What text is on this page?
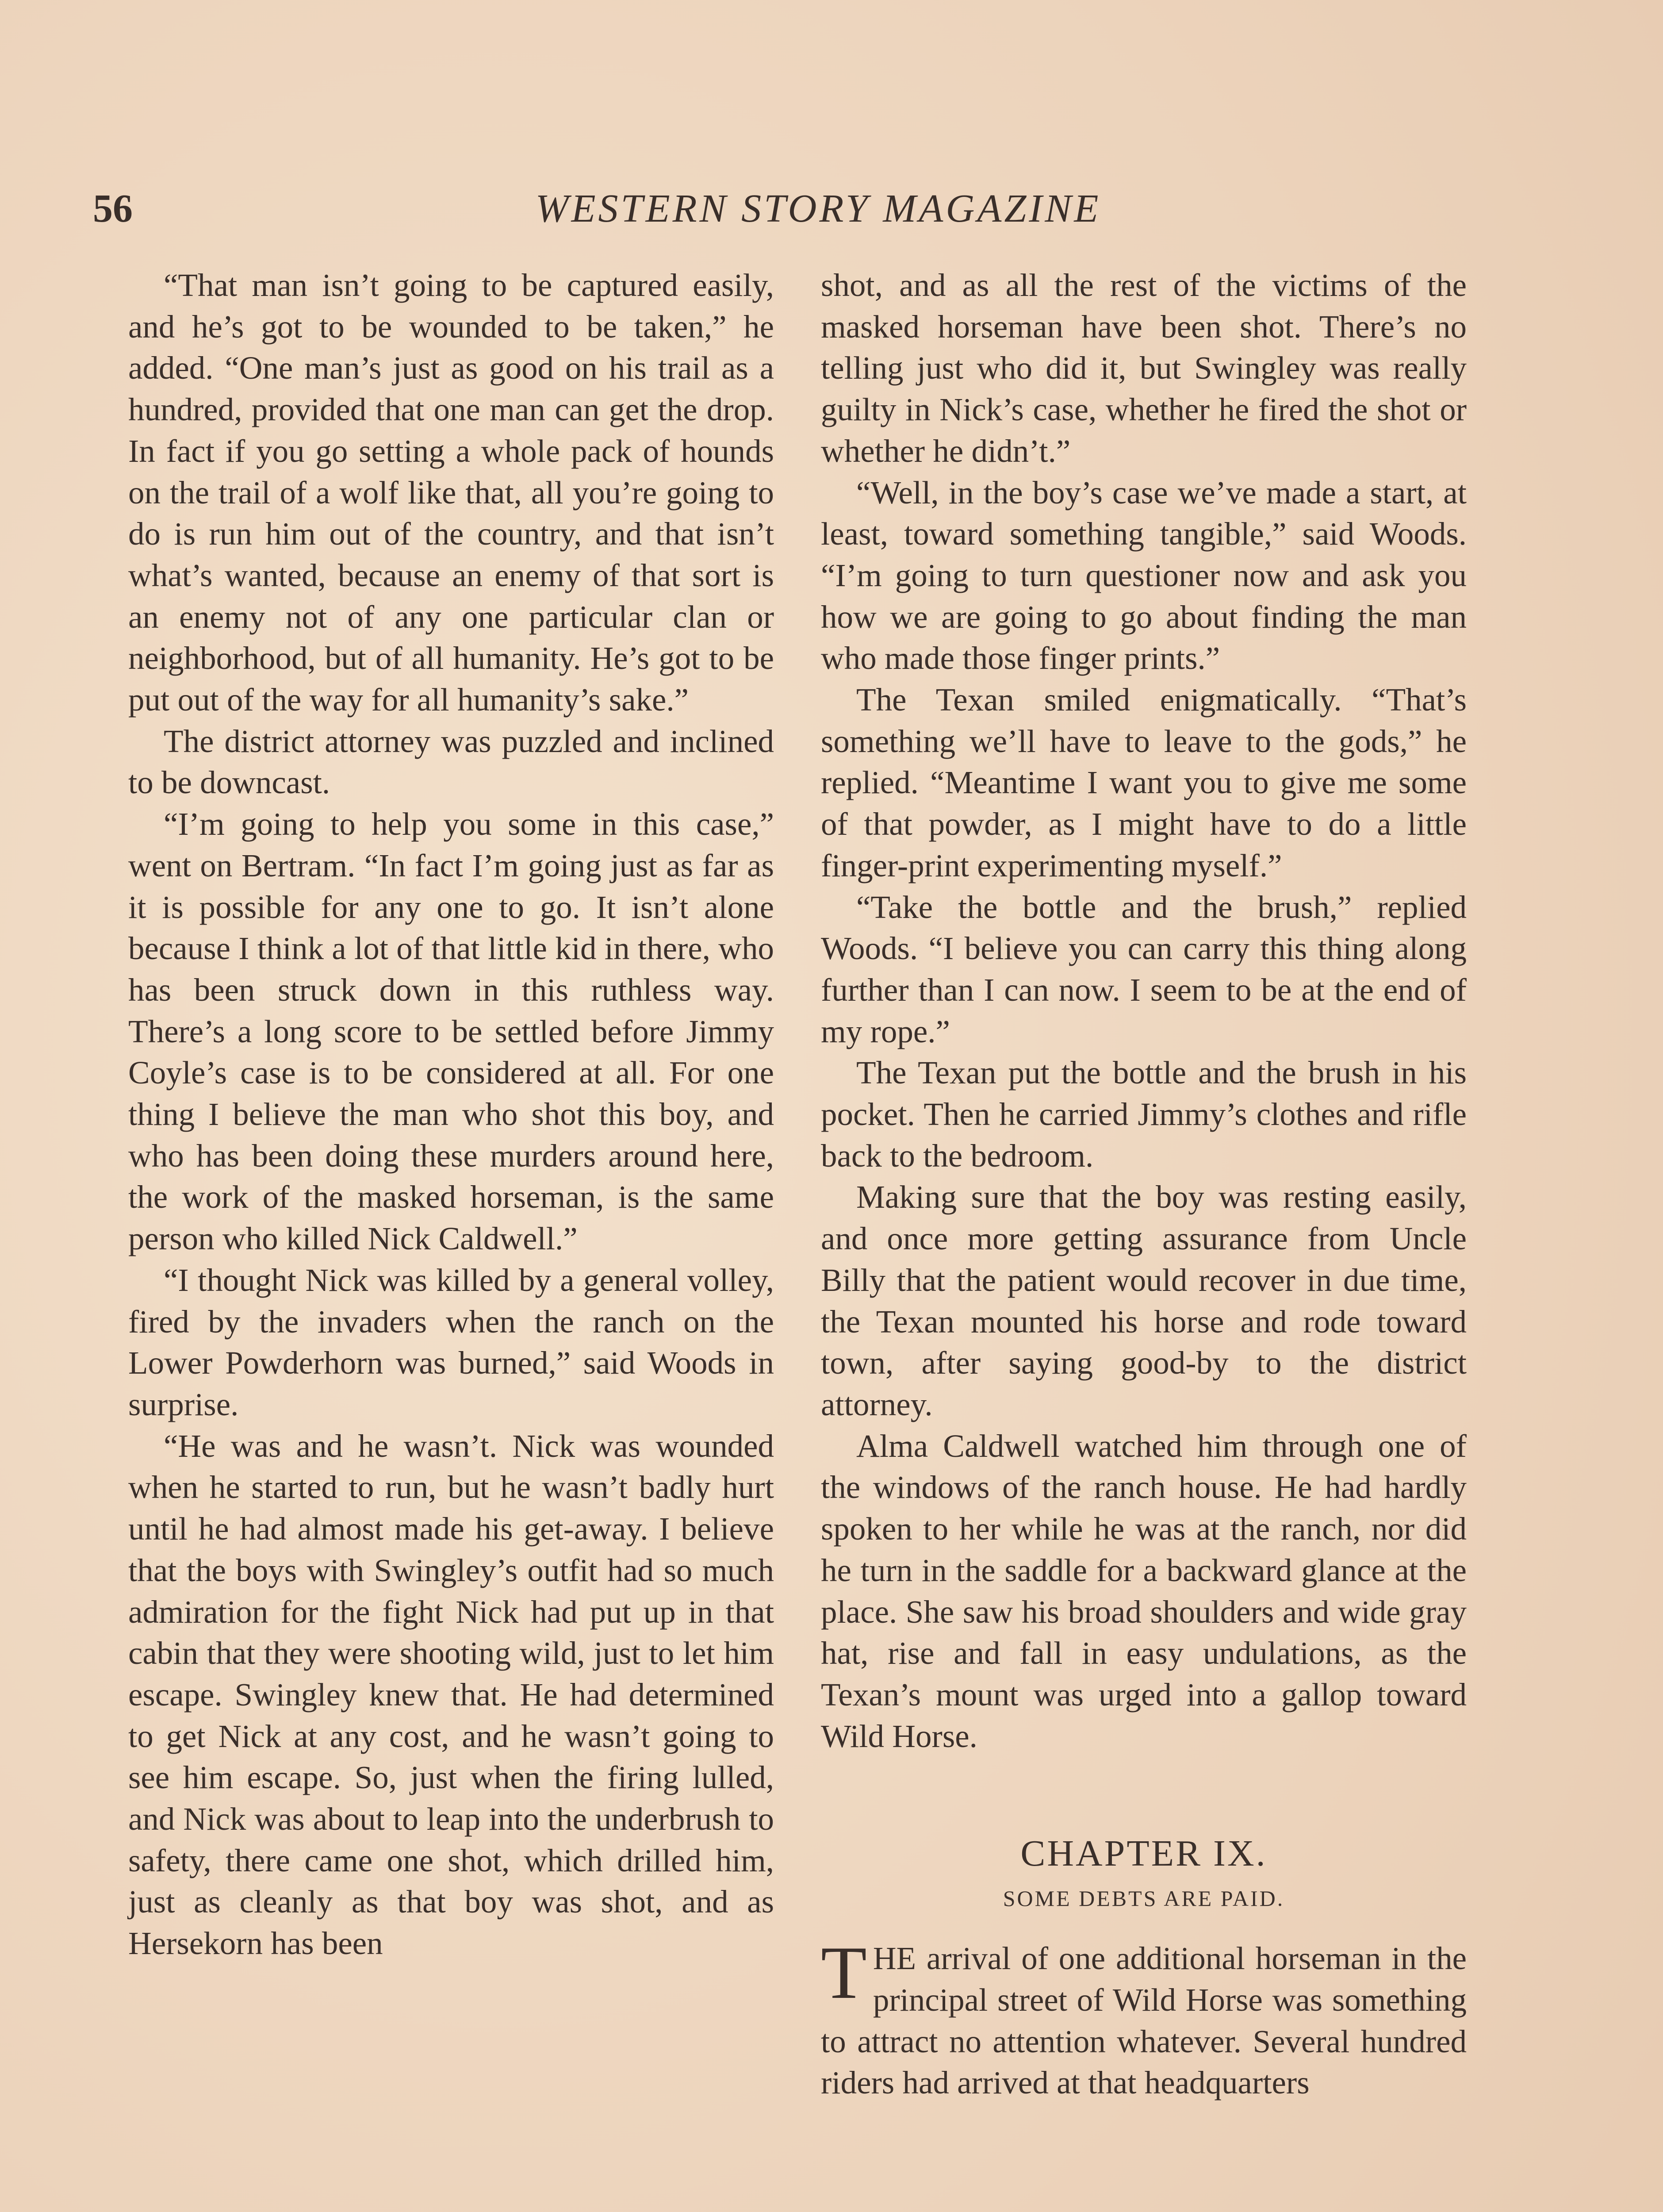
56	WESTERN STORY MAGAZINE

“That man isn’t going to be captured easily, and he’s got to be wounded to be taken,” he added. “One man’s just as good on his trail as a hundred, provided that one man can get the drop. In fact if you go setting a whole pack of hounds on the trail of a wolf like that, all you’re going to do is run him out of the country, and that isn’t what’s wanted, because an enemy of that sort is an enemy not of any one particular clan or neighborhood, but of all humanity. He’s got to be put out of the way for all humanity’s sake.”

The district attorney was puzzled and inclined to be downcast.

“I’m going to help you some in this case,” went on Bertram. “In fact I’m going just as far as it is possible for any one to go. It isn’t alone because I think a lot of that little kid in there, who has been struck down in this ruthless way. There’s a long score to be settled before Jimmy Coyle’s case is to be considered at all. For one thing I believe the man who shot this boy, and who has been doing these murders around here, the work of the masked horseman, is the same person who killed Nick Caldwell.”

“I thought Nick was killed by a general volley, fired by the invaders when the ranch on the Lower Powderhorn was burned,” said Woods in surprise.

“He was and he wasn’t. Nick was wounded when he started to run, but he wasn’t badly hurt until he had almost made his get-away. I believe that the boys with Swingley’s outfit had so much admiration for the fight Nick had put up in that cabin that they were shooting wild, just to let him escape. Swingley knew that. He had determined to get Nick at any cost, and he wasn’t going to see him escape. So, just when the firing lulled, and Nick was about to leap into the underbrush to safety, there came one shot, which drilled him, just as cleanly as that boy was shot, and as Hersekorn has been

shot, and as all the rest of the victims of the masked horseman have been shot. There’s no telling just who did it, but Swingley was really guilty in Nick’s case, whether he fired the shot or whether he didn’t.”

“Well, in the boy’s case we’ve made a start, at least, toward something tangible,” said Woods. “I’m going to turn questioner now and ask you how we are going to go about finding the man who made those finger prints.”

The Texan smiled enigmatically. “That’s something we’ll have to leave to the gods,” he replied. “Meantime I want you to give me some of that powder, as I might have to do a little finger-print experimenting myself.”

“Take the bottle and the brush,” replied Woods. “I believe you can carry this thing along further than I can now. I seem to be at the end of my rope.”

The Texan put the bottle and the brush in his pocket. Then he carried Jimmy’s clothes and rifle back to the bedroom.

Making sure that the boy was resting easily, and once more getting assurance from Uncle Billy that the patient would recover in due time, the Texan mounted his horse and rode toward town, after saying good-by to the district attorney.

Alma Caldwell watched him through one of the windows of the ranch house. He had hardly spoken to her while he was at the ranch, nor did he turn in the saddle for a backward glance at the place. She saw his broad shoulders and wide gray hat, rise and fall in easy undulations, as the Texan’s mount was urged into a gallop toward Wild Horse.

CHAPTER IX.
SOME DEBTS ARE PAID.

THE arrival of one additional horseman in the principal street of Wild Horse was something to attract no attention whatever. Several hundred riders had arrived at that headquarters
